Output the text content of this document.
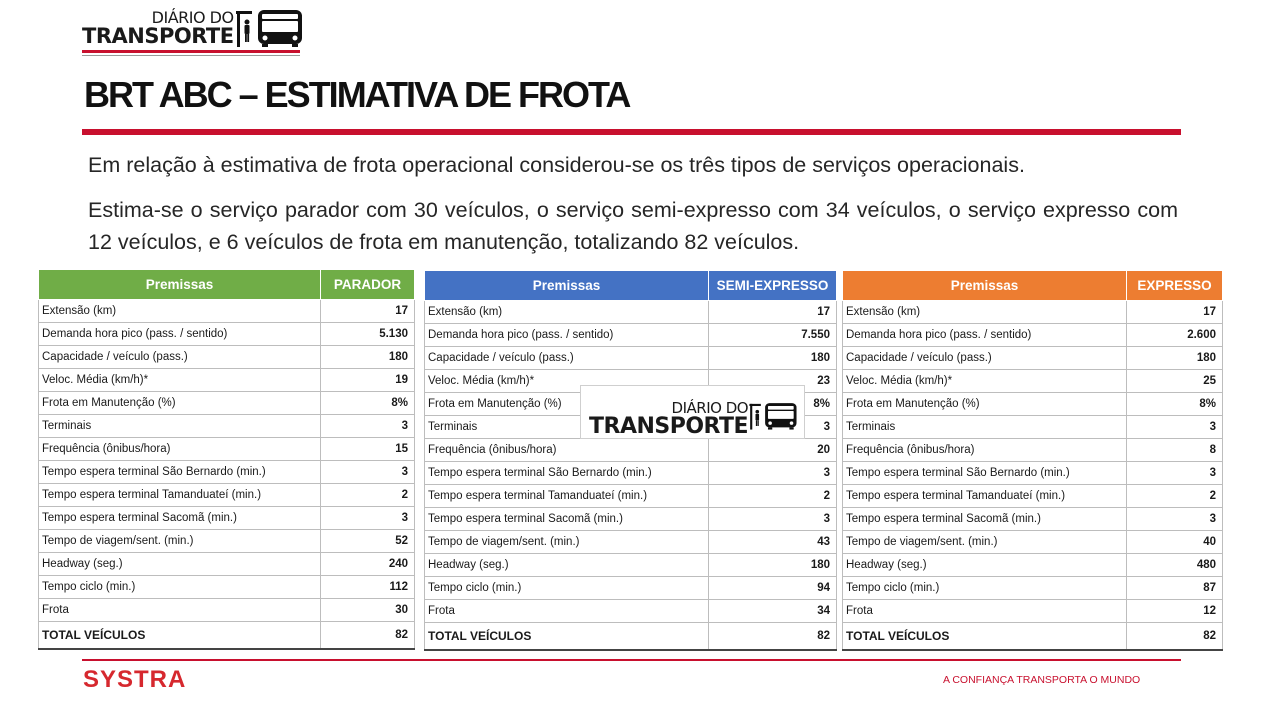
DIÁRIO DO
TRANSPORTE
BRT ABC – ESTIMATIVA DE FROTA

Em relação à estimativa de frota operacional considerou-se os três tipos de serviços operacionais.

Estima-se o serviço parador com 30 veículos, o serviço semi-expresso com 34 veículos, o serviço expresso com 12 veículos, e 6 veículos de frota em manutenção, totalizando 82 veículos.

Premissas	PARADOR
Extensão (km)	17
Demanda hora pico (pass. / sentido)	5.130
Capacidade / veículo (pass.)	180
Veloc. Média (km/h)*	19
Frota em Manutenção (%)	8%
Terminais	3
Frequência (ônibus/hora)	15
Tempo espera terminal São Bernardo (min.)	3
Tempo espera terminal Tamanduateí (min.)	2
Tempo espera terminal Sacomã (min.)	3
Tempo de viagem/sent. (min.)	52
Headway (seg.)	240
Tempo ciclo (min.)	112
Frota	30
TOTAL VEÍCULOS	82
Premissas	SEMI-EXPRESSO
Extensão (km)	17
Demanda hora pico (pass. / sentido)	7.550
Capacidade / veículo (pass.)	180
Veloc. Média (km/h)*	23
Frota em Manutenção (%)	8%
Terminais	3
Frequência (ônibus/hora)	20
Tempo espera terminal São Bernardo (min.)	3
Tempo espera terminal Tamanduateí (min.)	2
Tempo espera terminal Sacomã (min.)	3
Tempo de viagem/sent. (min.)	43
Headway (seg.)	180
Tempo ciclo (min.)	94
Frota	34
TOTAL VEÍCULOS	82
Premissas	EXPRESSO
Extensão (km)	17
Demanda hora pico (pass. / sentido)	2.600
Capacidade / veículo (pass.)	180
Veloc. Média (km/h)*	25
Frota em Manutenção (%)	8%
Terminais	3
Frequência (ônibus/hora)	8
Tempo espera terminal São Bernardo (min.)	3
Tempo espera terminal Tamanduateí (min.)	2
Tempo espera terminal Sacomã (min.)	3
Tempo de viagem/sent. (min.)	40
Headway (seg.)	480
Tempo ciclo (min.)	87
Frota	12
TOTAL VEÍCULOS	82
DIÁRIO DO
TRANSPORTE

SYSTRA	A CONFIANÇA TRANSPORTA O MUNDO
